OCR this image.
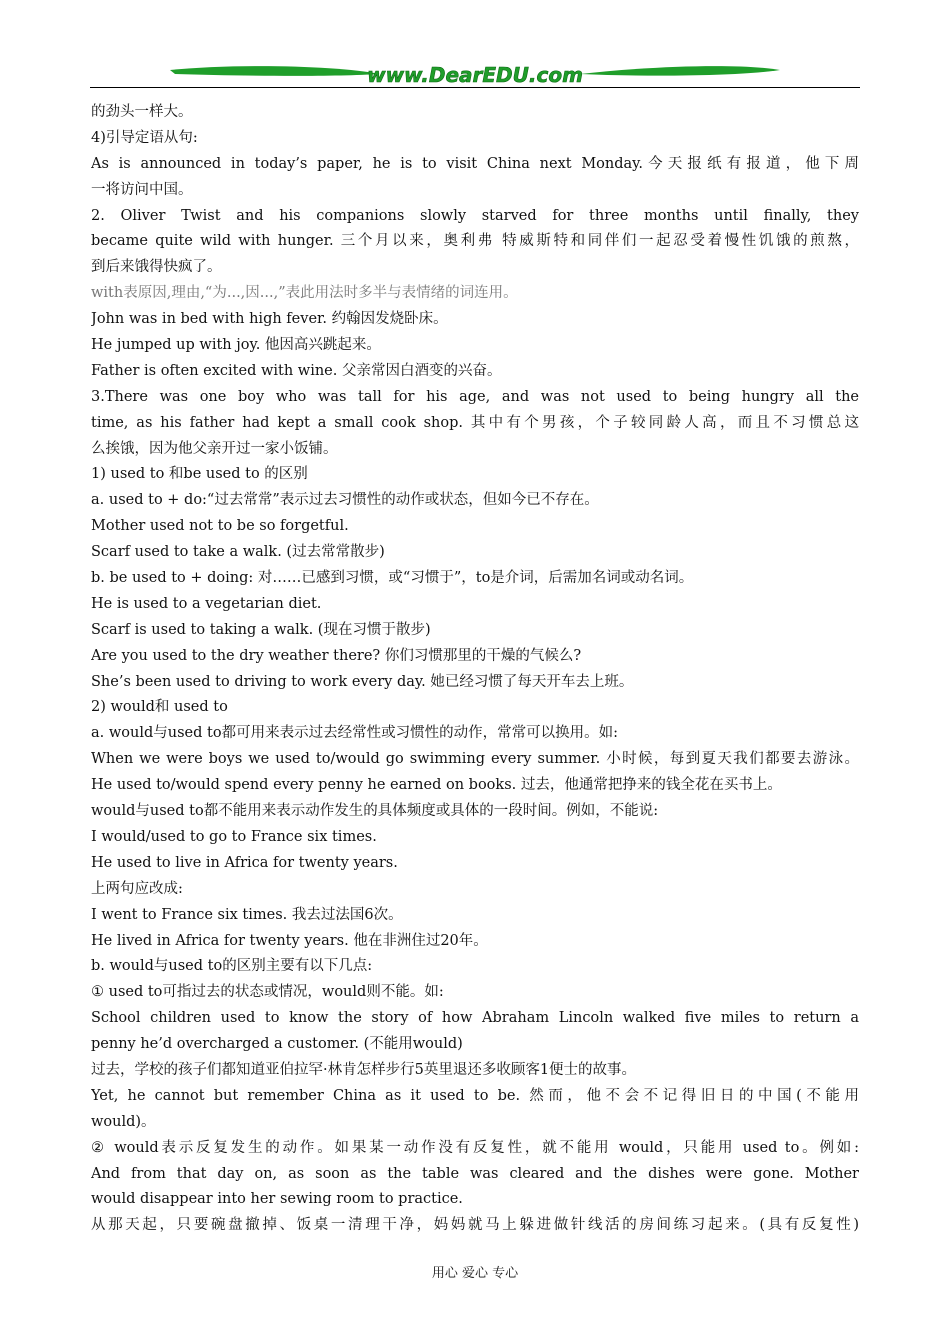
www.DearEDU.com
的劲头一样大。
4)引导定语从句:
As is announced in today’s paper, he is to visit China next Monday.今天报纸有报道，他下周
一将访问中国。
2. Oliver Twist and his companions slowly starved for three months until finally, they
became quite wild with hunger. 三个月以来，奥利弗 特威斯特和同伴们一起忍受着慢性饥饿的煎熬，
到后来饿得快疯了。
with表原因,理由,“为...,因...,”表此用法时多半与表情绪的词连用。
John was in bed with high fever. 约翰因发烧卧床。
He jumped up with joy. 他因高兴跳起来。
Father is often excited with wine. 父亲常因白酒变的兴奋。
3.There was one boy who was tall for his age, and was not used to being hungry all the
time, as his father had kept a small cook shop. 其中有个男孩，个子较同龄人高，而且不习惯总这
么挨饿，因为他父亲开过一家小饭铺。
1) used to 和be used to 的区别
a. used to + do:“过去常常”表示过去习惯性的动作或状态，但如今已不存在。
Mother used not to be so forgetful.
Scarf used to take a walk. (过去常常散步)
b. be used to + doing: 对……已感到习惯，或“习惯于”，to是介词，后需加名词或动名词。
He is used to a vegetarian diet.
Scarf is used to taking a walk. (现在习惯于散步)
Are you used to the dry weather there? 你们习惯那里的干燥的气候么?
She’s been used to driving to work every day. 她已经习惯了每天开车去上班。
2) would和 used to
a. would与used to都可用来表示过去经常性或习惯性的动作，常常可以换用。如:
When we were boys we used to/would go swimming every summer. 小时候，每到夏天我们都要去游泳。
He used to/would spend every penny he earned on books. 过去，他通常把挣来的钱全花在买书上。
would与used to都不能用来表示动作发生的具体频度或具体的一段时间。例如，不能说:
I would/used to go to France six times.
He used to live in Africa for twenty years.
上两句应改成:
I went to France six times. 我去过法国6次。
He lived in Africa for twenty years. 他在非洲住过20年。
b. would与used to的区别主要有以下几点:
① used to可指过去的状态或情况，would则不能。如:
School children used to know the story of how Abraham Lincoln walked five miles to return a
penny he’d overcharged a customer. (不能用would)
过去，学校的孩子们都知道亚伯拉罕·林肯怎样步行5英里退还多收顾客1便士的故事。
Yet, he cannot but remember China as it used to be. 然而，他不会不记得旧日的中国(不能用
would)。
② would表示反复发生的动作。如果某一动作没有反复性，就不能用 would，只能用 used to。例如:
And from that day on, as soon as the table was cleared and the dishes were gone. Mother
would disappear into her sewing room to practice.
从那天起，只要碗盘撤掉、饭桌一清理干净，妈妈就马上躲进做针线活的房间练习起来。(具有反复性)
用心 爱心 专心
